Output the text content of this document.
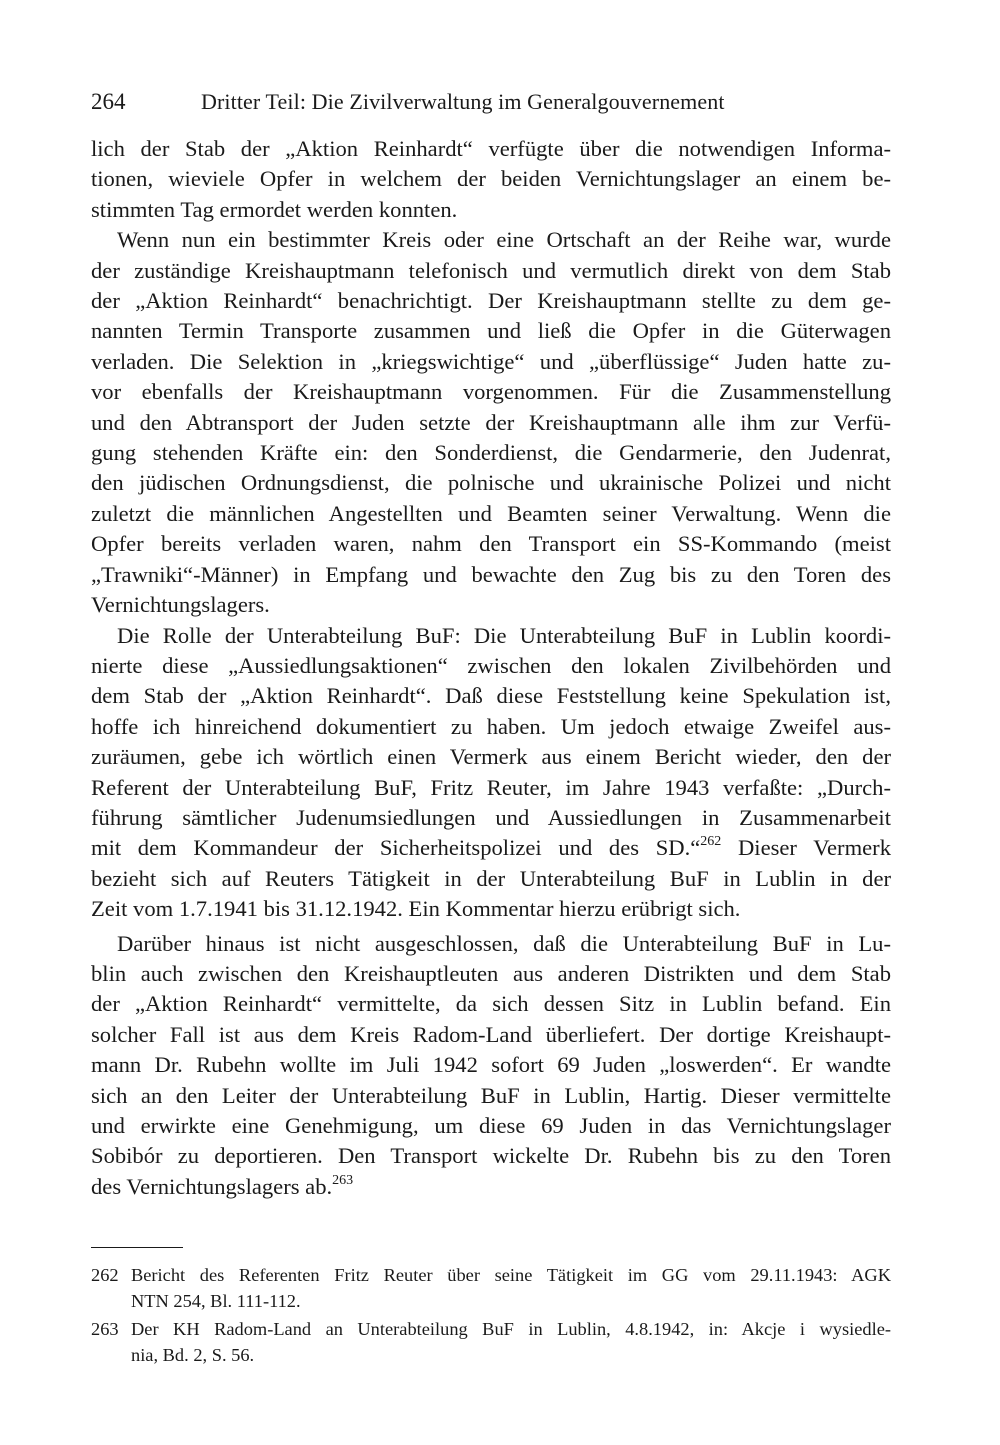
264	Dritter Teil: Die Zivilverwaltung im Generalgouvernement
lich der Stab der „Aktion Reinhardt“ verfügte über die notwendigen Informa-
tionen, wieviele Opfer in welchem der beiden Vernichtungslager an einem be-
stimmten Tag ermordet werden konnten.
Wenn nun ein bestimmter Kreis oder eine Ortschaft an der Reihe war, wurde
der zuständige Kreishauptmann telefonisch und vermutlich direkt von dem Stab
der „Aktion Reinhardt“ benachrichtigt. Der Kreishauptmann stellte zu dem ge-
nannten Termin Transporte zusammen und ließ die Opfer in die Güterwagen
verladen. Die Selektion in „kriegswichtige“ und „überflüssige“ Juden hatte zu-
vor ebenfalls der Kreishauptmann vorgenommen. Für die Zusammenstellung
und den Abtransport der Juden setzte der Kreishauptmann alle ihm zur Verfü-
gung stehenden Kräfte ein: den Sonderdienst, die Gendarmerie, den Judenrat,
den jüdischen Ordnungsdienst, die polnische und ukrainische Polizei und nicht
zuletzt die männlichen Angestellten und Beamten seiner Verwaltung. Wenn die
Opfer bereits verladen waren, nahm den Transport ein SS-Kommando (meist
„Trawniki“-Männer) in Empfang und bewachte den Zug bis zu den Toren des
Vernichtungslagers.
Die Rolle der Unterabteilung BuF: Die Unterabteilung BuF in Lublin koordi-
nierte diese „Aussiedlungsaktionen“ zwischen den lokalen Zivilbehörden und
dem Stab der „Aktion Reinhardt“. Daß diese Feststellung keine Spekulation ist,
hoffe ich hinreichend dokumentiert zu haben. Um jedoch etwaige Zweifel aus-
zuräumen, gebe ich wörtlich einen Vermerk aus einem Bericht wieder, den der
Referent der Unterabteilung BuF, Fritz Reuter, im Jahre 1943 verfaßte: „Durch-
führung sämtlicher Judenumsiedlungen und Aussiedlungen in Zusammenarbeit
mit dem Kommandeur der Sicherheitspolizei und des SD.“$^{262}$ Dieser Vermerk
bezieht sich auf Reuters Tätigkeit in der Unterabteilung BuF in Lublin in der
Zeit vom 1.7.1941 bis 31.12.1942. Ein Kommentar hierzu erübrigt sich.
Darüber hinaus ist nicht ausgeschlossen, daß die Unterabteilung BuF in Lu-
blin auch zwischen den Kreishauptleuten aus anderen Distrikten und dem Stab
der „Aktion Reinhardt“ vermittelte, da sich dessen Sitz in Lublin befand. Ein
solcher Fall ist aus dem Kreis Radom-Land überliefert. Der dortige Kreishaupt-
mann Dr. Rubehn wollte im Juli 1942 sofort 69 Juden „loswerden“. Er wandte
sich an den Leiter der Unterabteilung BuF in Lublin, Hartig. Dieser vermittelte
und erwirkte eine Genehmigung, um diese 69 Juden in das Vernichtungslager
Sobibór zu deportieren. Den Transport wickelte Dr. Rubehn bis zu den Toren
des Vernichtungslagers ab.$^{263}$
262 Bericht des Referenten Fritz Reuter über seine Tätigkeit im GG vom 29.11.1943: AGK
NTN 254, Bl. 111-112.
263 Der KH Radom-Land an Unterabteilung BuF in Lublin, 4.8.1942, in: Akcje i wysiedle-
nia, Bd. 2, S. 56.
